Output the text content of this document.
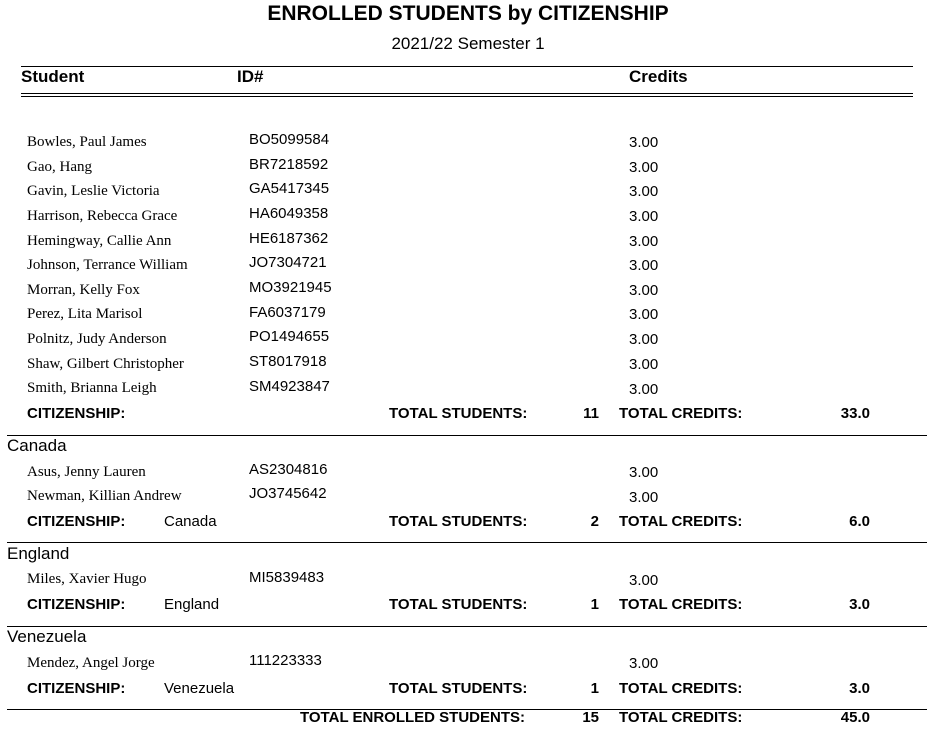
ENROLLED STUDENTS by CITIZENSHIP
2021/22 Semester 1
Student	ID#	Credits
Bowles, Paul James	BO5099584	3.00
Gao, Hang	BR7218592	3.00
Gavin, Leslie Victoria	GA5417345	3.00
Harrison, Rebecca Grace	HA6049358	3.00
Hemingway, Callie Ann	HE6187362	3.00
Johnson, Terrance William	JO7304721	3.00
Morran, Kelly Fox	MO3921945	3.00
Perez, Lita Marisol	FA6037179	3.00
Polnitz, Judy Anderson	PO1494655	3.00
Shaw, Gilbert Christopher	ST8017918	3.00
Smith, Brianna Leigh	SM4923847	3.00
CITIZENSHIP:	TOTAL STUDENTS:	11 TOTAL CREDITS:	33.0
Canada
Asus, Jenny Lauren	AS2304816	3.00
Newman, Killian Andrew	JO3745642	3.00
CITIZENSHIP:	Canada	TOTAL STUDENTS:	2 TOTAL CREDITS:	6.0
England
Miles, Xavier Hugo	MI5839483	3.00
CITIZENSHIP:	England	TOTAL STUDENTS:	1 TOTAL CREDITS:	3.0
Venezuela
Mendez, Angel Jorge	111223333	3.00
CITIZENSHIP:	Venezuela	TOTAL STUDENTS:	1 TOTAL CREDITS:	3.0
TOTAL ENROLLED STUDENTS:	15 TOTAL CREDITS:	45.0
